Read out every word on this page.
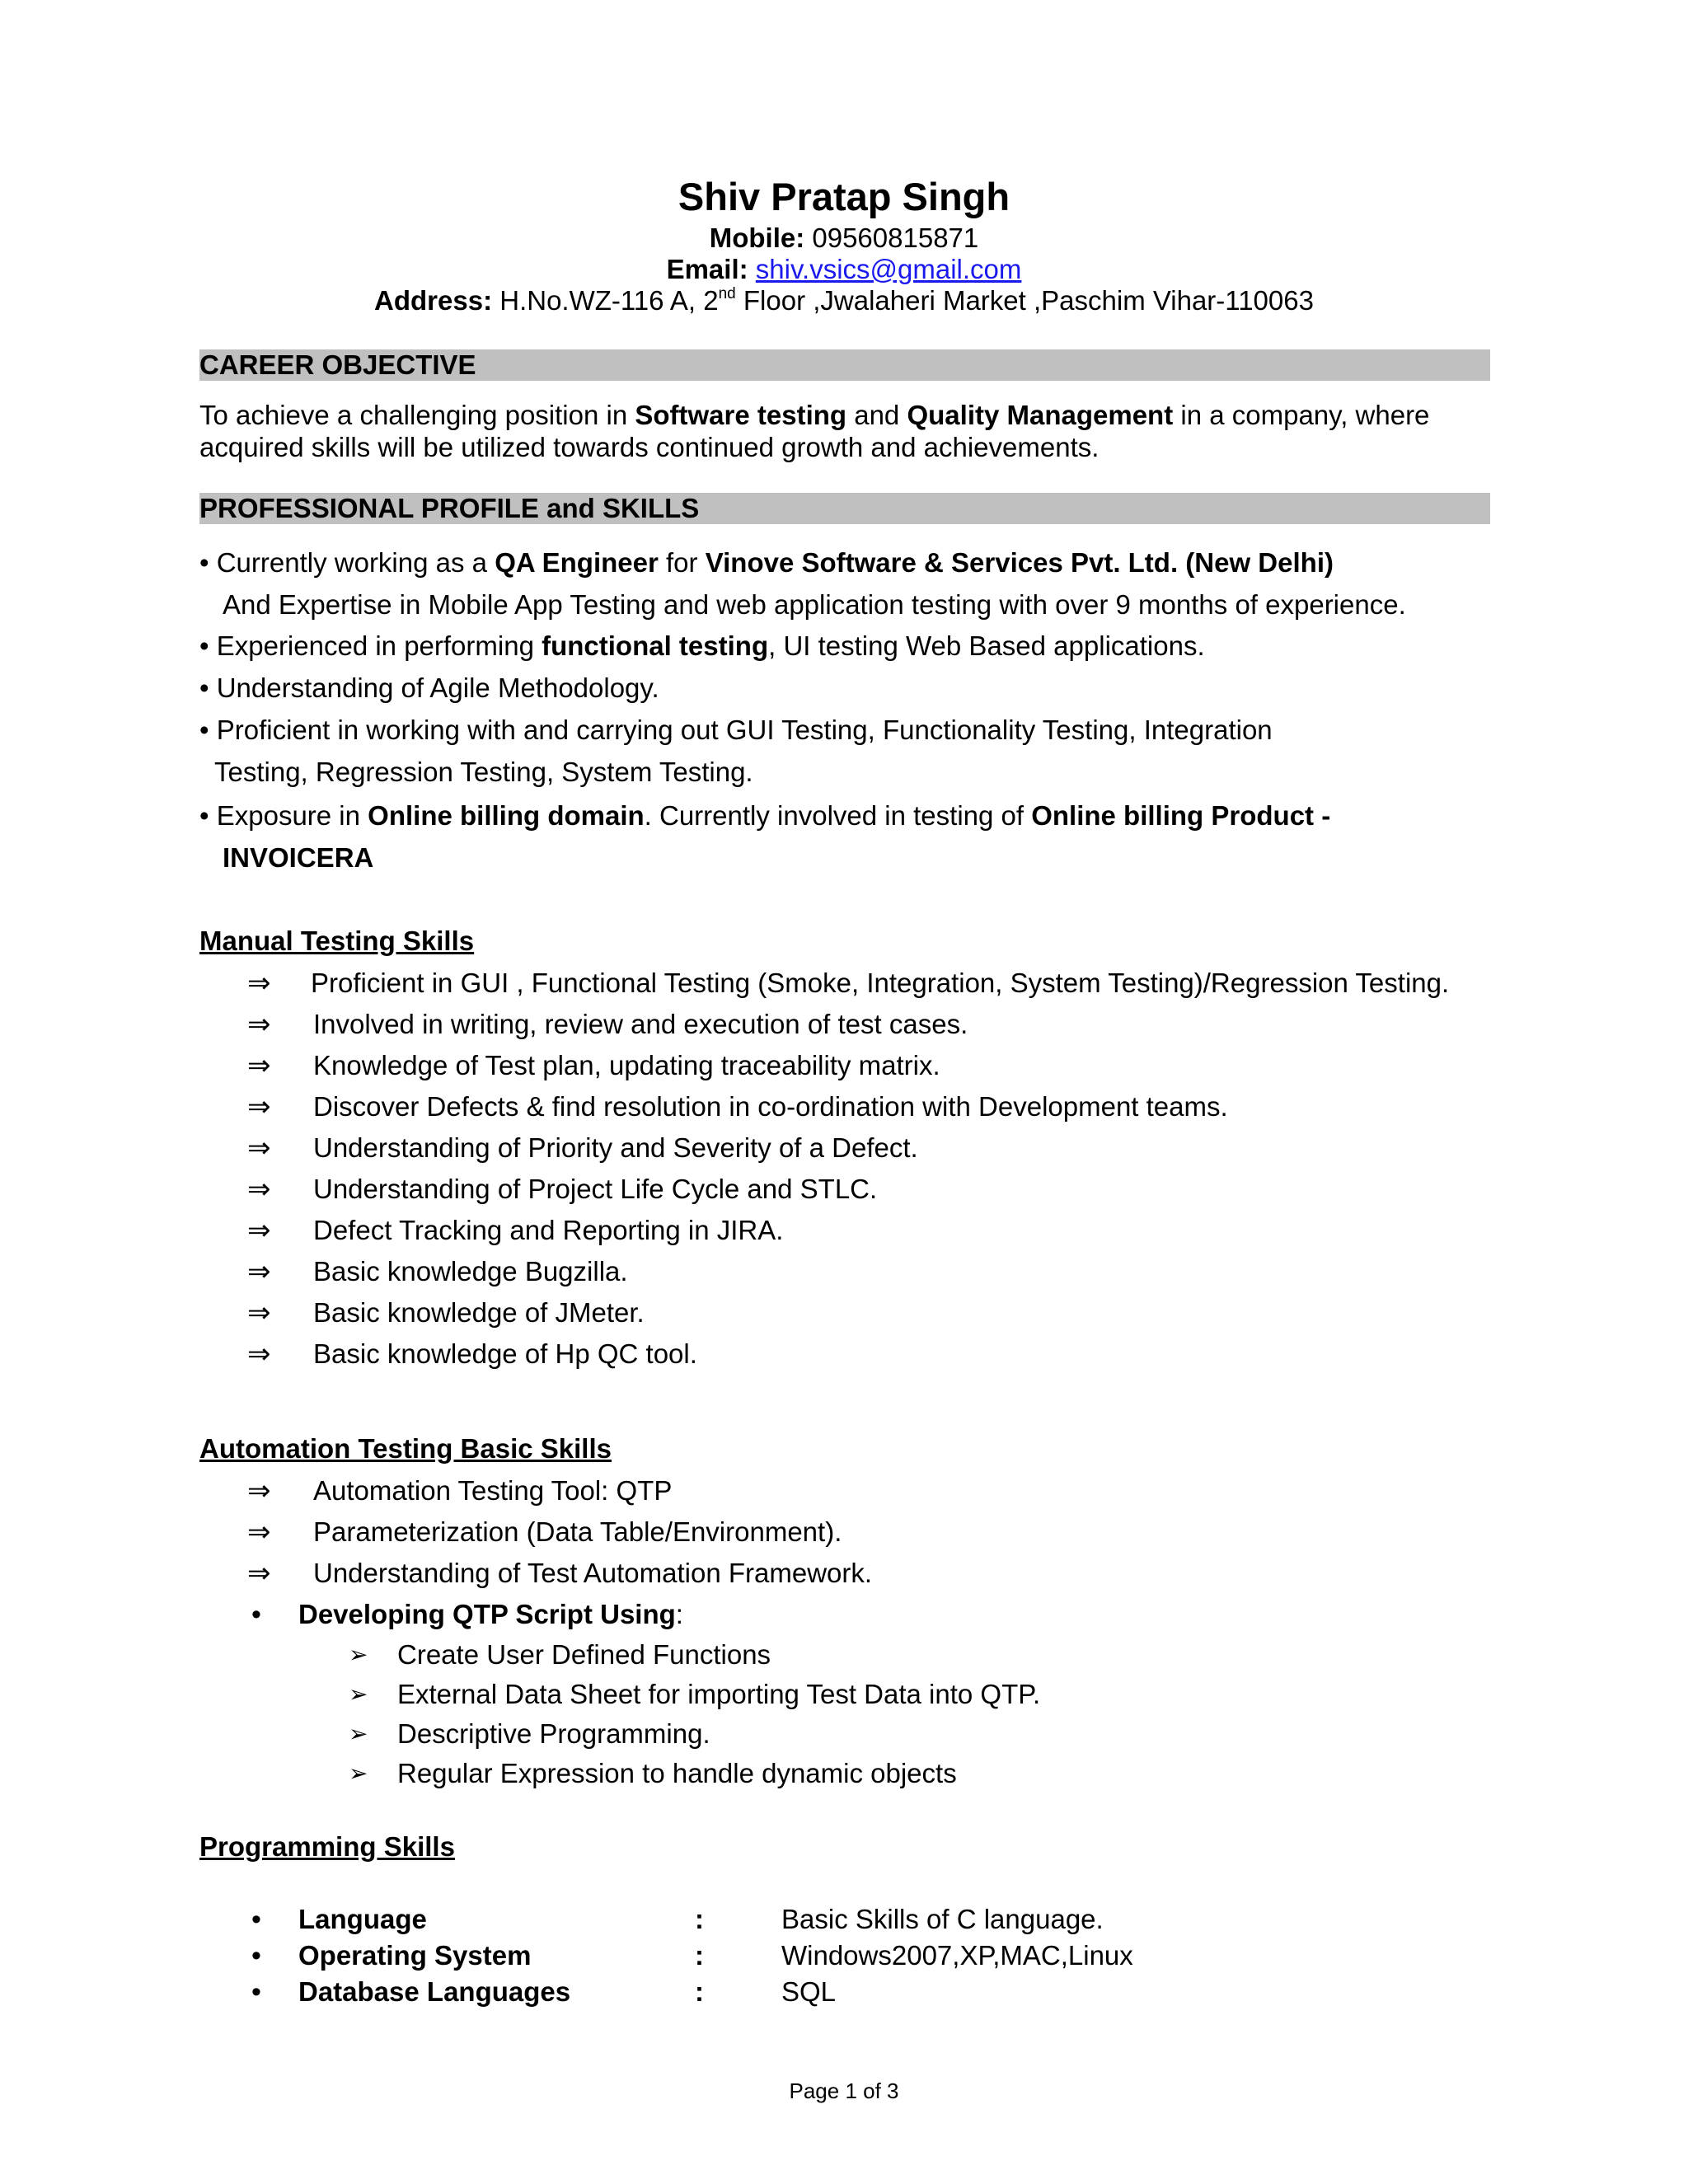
Shiv Pratap Singh
Mobile: 09560815871
Email: shiv.vsics@gmail.com
Address: H.No.WZ-116 A, 2nd Floor ,Jwalaheri Market ,Paschim Vihar-110063
CAREER OBJECTIVE
To achieve a challenging position in Software testing and Quality Management in a company, where acquired skills will be utilized towards continued growth and achievements.
PROFESSIONAL PROFILE and SKILLS
• Currently working as a QA Engineer for Vinove Software & Services Pvt. Ltd. (New Delhi)
And Expertise in Mobile App Testing and web application testing with over 9 months of experience.
• Experienced in performing functional testing, UI testing Web Based applications.
• Understanding of Agile Methodology.
• Proficient in working with and carrying out GUI Testing, Functionality Testing, Integration
Testing, Regression Testing, System Testing.
• Exposure in Online billing domain. Currently involved in testing of Online billing Product -
INVOICERA
Manual Testing Skills
⇒ Proficient in GUI , Functional Testing (Smoke, Integration, System Testing)/Regression Testing.
⇒ Involved in writing, review and execution of test cases.
⇒ Knowledge of Test plan, updating traceability matrix.
⇒ Discover Defects & find resolution in co-ordination with Development teams.
⇒ Understanding of Priority and Severity of a Defect.
⇒ Understanding of Project Life Cycle and STLC.
⇒ Defect Tracking and Reporting in JIRA.
⇒ Basic knowledge Bugzilla.
⇒ Basic knowledge of JMeter.
⇒ Basic knowledge of Hp QC tool.
Automation Testing Basic Skills
⇒ Automation Testing Tool: QTP
⇒ Parameterization (Data Table/Environment).
⇒ Understanding of Test Automation Framework.
• Developing QTP Script Using:
➢ Create User Defined Functions
➢ External Data Sheet for importing Test Data into QTP.
➢ Descriptive Programming.
➢ Regular Expression to handle dynamic objects
Programming Skills
• Language	:	Basic Skills of C language.
• Operating System	:	Windows2007,XP,MAC,Linux
• Database Languages	:	SQL
Page 1 of 3
